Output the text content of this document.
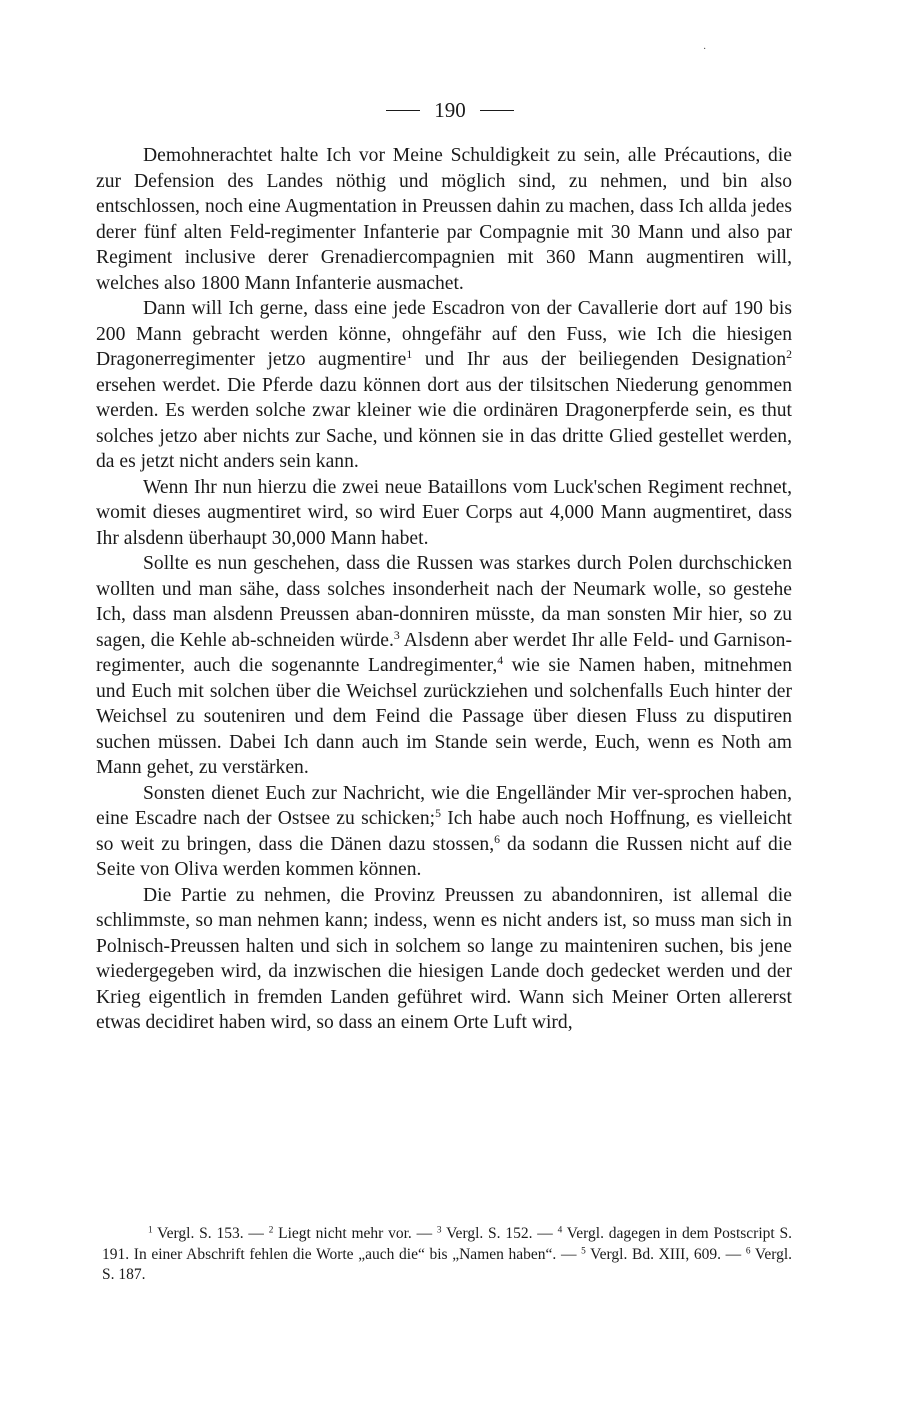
·
190

Demohnerachtet halte Ich vor Meine Schuldigkeit zu sein, alle Précautions, die zur Defension des Landes nöthig und möglich sind, zu nehmen, und bin also entschlossen, noch eine Augmentation in Preussen dahin zu machen, dass Ich allda jedes derer fünf alten Feld-regimenter Infanterie par Compagnie mit 30 Mann und also par Regiment inclusive derer Grenadiercompagnien mit 360 Mann augmentiren will, welches also 1800 Mann Infanterie ausmachet.

Dann will Ich gerne, dass eine jede Escadron von der Cavallerie dort auf 190 bis 200 Mann gebracht werden könne, ohngefähr auf den Fuss, wie Ich die hiesigen Dragonerregimenter jetzo augmentire$^1$ und Ihr aus der beiliegenden Designation$^2$ ersehen werdet. Die Pferde dazu können dort aus der tilsitschen Niederung genommen werden. Es werden solche zwar kleiner wie die ordinären Dragonerpferde sein, es thut solches jetzo aber nichts zur Sache, und können sie in das dritte Glied gestellet werden, da es jetzt nicht anders sein kann.

Wenn Ihr nun hierzu die zwei neue Bataillons vom Luck'schen Regiment rechnet, womit dieses augmentiret wird, so wird Euer Corps aut 4,000 Mann augmentiret, dass Ihr alsdenn überhaupt 30,000 Mann habet.

Sollte es nun geschehen, dass die Russen was starkes durch Polen durchschicken wollten und man sähe, dass solches insonderheit nach der Neumark wolle, so gestehe Ich, dass man alsdenn Preussen aban-donniren müsste, da man sonsten Mir hier, so zu sagen, die Kehle ab-schneiden würde.$^3$ Alsdenn aber werdet Ihr alle Feld- und Garnison-regimenter, auch die sogenannte Landregimenter,$^4$ wie sie Namen haben, mitnehmen und Euch mit solchen über die Weichsel zurückziehen und solchenfalls Euch hinter der Weichsel zu souteniren und dem Feind die Passage über diesen Fluss zu disputiren suchen müssen. Dabei Ich dann auch im Stande sein werde, Euch, wenn es Noth am Mann gehet, zu verstärken.

Sonsten dienet Euch zur Nachricht, wie die Engelländer Mir ver-sprochen haben, eine Escadre nach der Ostsee zu schicken;$^5$ Ich habe auch noch Hoffnung, es vielleicht so weit zu bringen, dass die Dänen dazu stossen,$^6$ da sodann die Russen nicht auf die Seite von Oliva werden kommen können.

Die Partie zu nehmen, die Provinz Preussen zu abandonniren, ist allemal die schlimmste, so man nehmen kann; indess, wenn es nicht anders ist, so muss man sich in Polnisch-Preussen halten und sich in solchem so lange zu mainteniren suchen, bis jene wiedergegeben wird, da inzwischen die hiesigen Lande doch gedecket werden und der Krieg eigentlich in fremden Landen geführet wird. Wann sich Meiner Orten allererst etwas decidiret haben wird, so dass an einem Orte Luft wird,

$^1$ Vergl. S. 153. — $^2$ Liegt nicht mehr vor. — $^3$ Vergl. S. 152. — $^4$ Vergl. dagegen in dem Postscript S. 191. In einer Abschrift fehlen die Worte „auch die“ bis „Namen haben“. — $^5$ Vergl. Bd. XIII, 609. — $^6$ Vergl. S. 187.
